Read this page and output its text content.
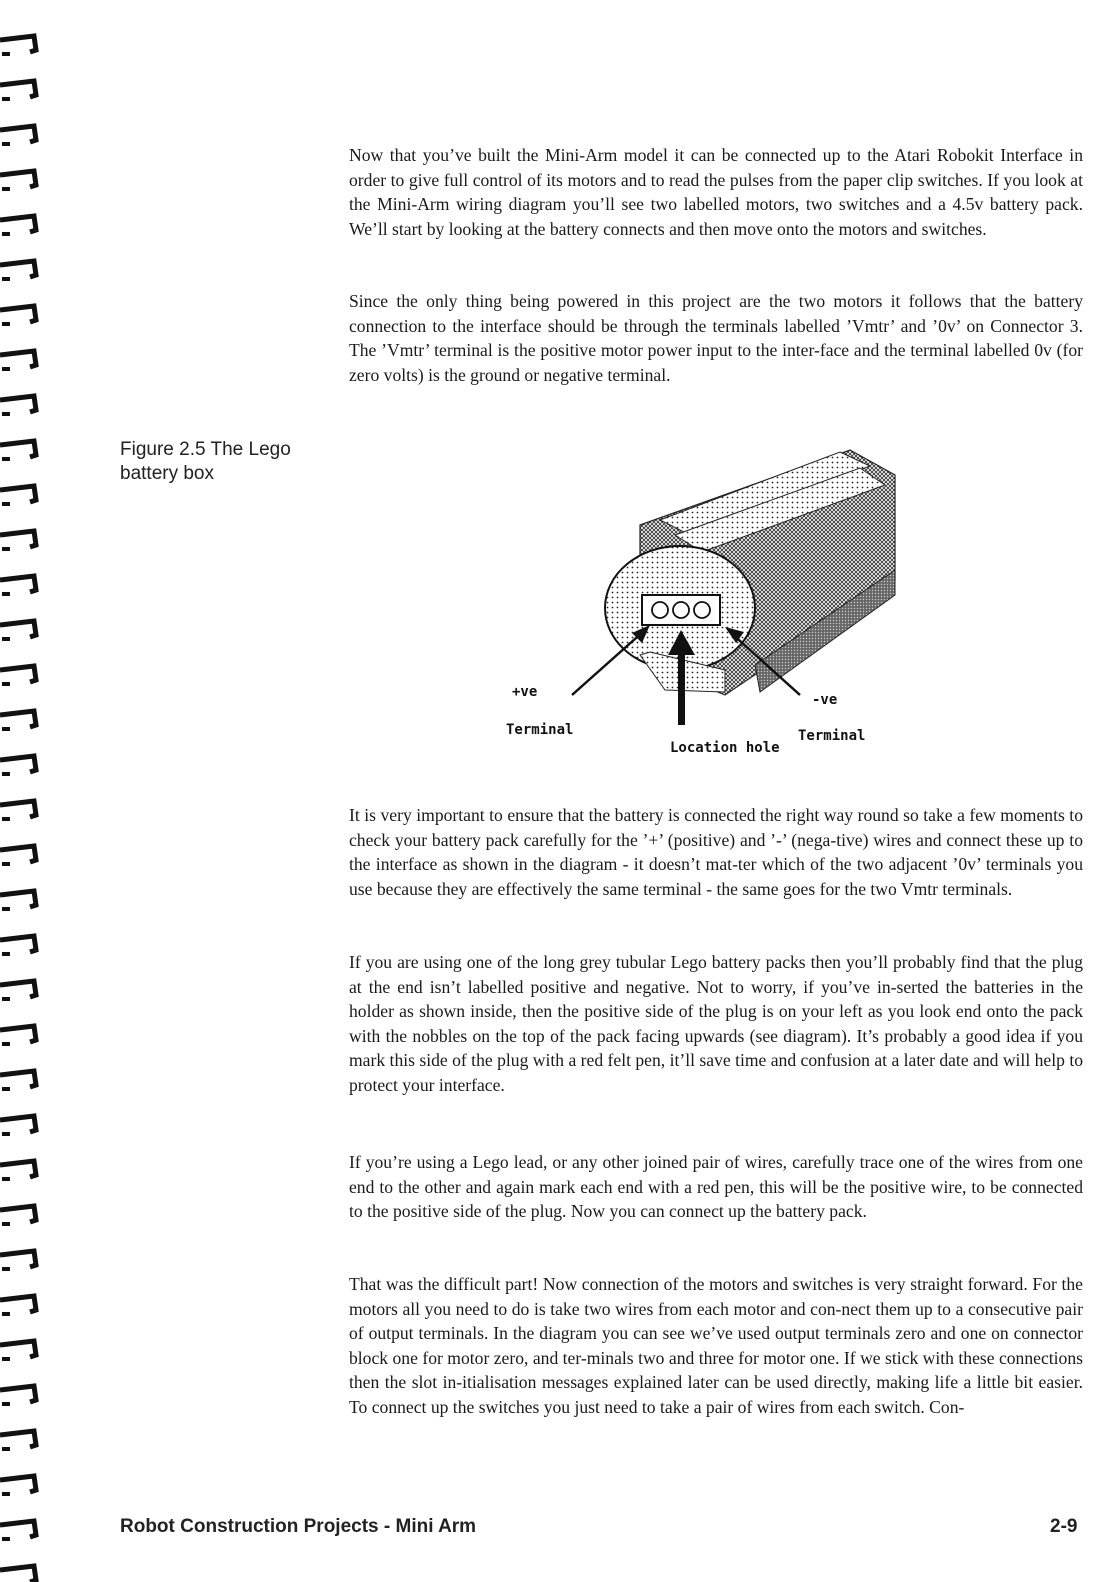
Now that you’ve built the Mini-Arm model it can be connected up to the Atari Robokit Interface in order to give full control of its motors and to read the pulses from the paper clip switches. If you look at the Mini-Arm wiring diagram you’ll see two labelled motors, two switches and a 4.5v battery pack. We’ll start by looking at the battery connects and then move onto the motors and switches.

Since the only thing being powered in this project are the two motors it follows that the battery connection to the interface should be through the terminals labelled ’Vmtr’ and ’0v’ on Connector 3. The ’Vmtr’ terminal is the positive motor power input to the inter-face and the terminal labelled 0v (for zero volts) is the ground or negative terminal.

Figure 2.5 The Lego battery box
+ve
Terminal
Location hole
-ve
Terminal

It is very important to ensure that the battery is connected the right way round so take a few moments to check your battery pack carefully for the ’+’ (positive) and ’-’ (nega-tive) wires and connect these up to the interface as shown in the diagram - it doesn’t mat-ter which of the two adjacent ’0v’ terminals you use because they are effectively the same terminal - the same goes for the two Vmtr terminals.

If you are using one of the long grey tubular Lego battery packs then you’ll probably find that the plug at the end isn’t labelled positive and negative. Not to worry, if you’ve in-serted the batteries in the holder as shown inside, then the positive side of the plug is on your left as you look end onto the pack with the nobbles on the top of the pack facing upwards (see diagram). It’s probably a good idea if you mark this side of the plug with a red felt pen, it’ll save time and confusion at a later date and will help to protect your interface.

If you’re using a Lego lead, or any other joined pair of wires, carefully trace one of the wires from one end to the other and again mark each end with a red pen, this will be the positive wire, to be connected to the positive side of the plug. Now you can connect up the battery pack.

That was the difficult part! Now connection of the motors and switches is very straight forward. For the motors all you need to do is take two wires from each motor and con-nect them up to a consecutive pair of output terminals. In the diagram you can see we’ve used output terminals zero and one on connector block one for motor zero, and ter-minals two and three for motor one. If we stick with these connections then the slot in-itialisation messages explained later can be used directly, making life a little bit easier. To connect up the switches you just need to take a pair of wires from each switch. Con-

Robot Construction Projects - Mini Arm	2-9
